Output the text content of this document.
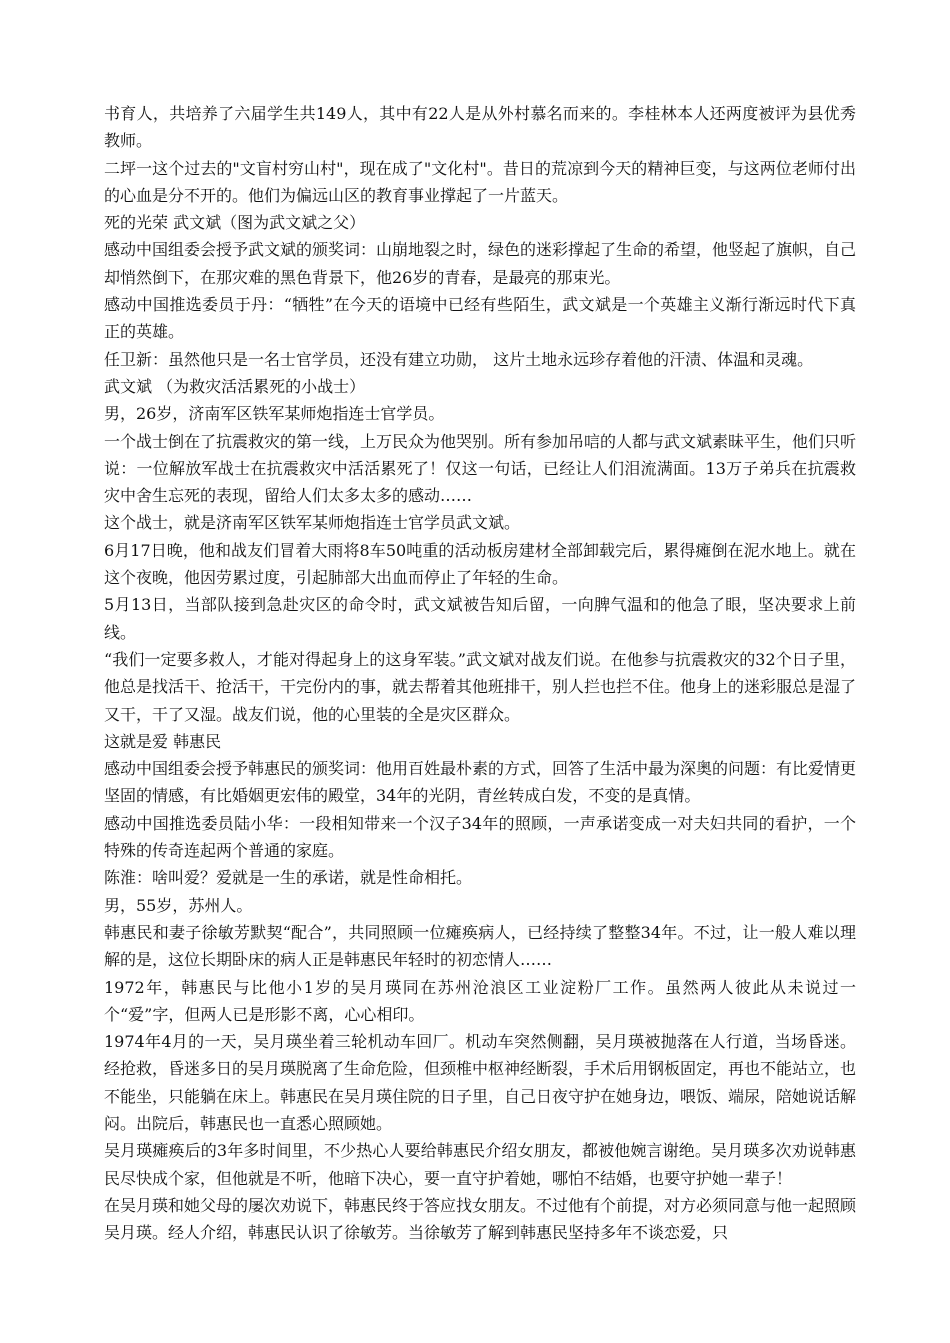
书育人，共培养了六届学生共149人，其中有22人是从外村慕名而来的。李桂林本人还两度被评为县优秀教师。

二坪一这个过去的"文盲村穷山村"，现在成了"文化村"。昔日的荒凉到今天的精神巨变，与这两位老师付出的心血是分不开的。他们为偏远山区的教育事业撑起了一片蓝天。

死的光荣 武文斌（图为武文斌之父）

感动中国组委会授予武文斌的颁奖词：山崩地裂之时，绿色的迷彩撑起了生命的希望，他竖起了旗帜，自己却悄然倒下，在那灾难的黑色背景下，他26岁的青春，是最亮的那束光。

感动中国推选委员于丹：“牺牲”在今天的语境中已经有些陌生，武文斌是一个英雄主义渐行渐远时代下真正的英雄。

任卫新：虽然他只是一名士官学员，还没有建立功勋， 这片土地永远珍存着他的汗渍、体温和灵魂。

武文斌 （为救灾活活累死的小战士）

男，26岁，济南军区铁军某师炮指连士官学员。

一个战士倒在了抗震救灾的第一线，上万民众为他哭别。所有参加吊唁的人都与武文斌素昧平生，他们只听说：一位解放军战士在抗震救灾中活活累死了！仅这一句话，已经让人们泪流满面。13万子弟兵在抗震救灾中舍生忘死的表现，留给人们太多太多的感动……

这个战士，就是济南军区铁军某师炮指连士官学员武文斌。

6月17日晚，他和战友们冒着大雨将8车50吨重的活动板房建材全部卸载完后，累得瘫倒在泥水地上。就在这个夜晚，他因劳累过度，引起肺部大出血而停止了年轻的生命。

5月13日，当部队接到急赴灾区的命令时，武文斌被告知后留，一向脾气温和的他急了眼，坚决要求上前线。

“我们一定要多救人，才能对得起身上的这身军装。”武文斌对战友们说。在他参与抗震救灾的32个日子里，他总是找活干、抢活干，干完份内的事，就去帮着其他班排干，别人拦也拦不住。他身上的迷彩服总是湿了又干，干了又湿。战友们说，他的心里装的全是灾区群众。

这就是爱 韩惠民

感动中国组委会授予韩惠民的颁奖词：他用百姓最朴素的方式，回答了生活中最为深奥的问题：有比爱情更坚固的情感，有比婚姻更宏伟的殿堂，34年的光阴，青丝转成白发，不变的是真情。

感动中国推选委员陆小华：一段相知带来一个汉子34年的照顾，一声承诺变成一对夫妇共同的看护，一个特殊的传奇连起两个普通的家庭。

陈淮：啥叫爱？爱就是一生的承诺，就是性命相托。

男，55岁，苏州人。

韩惠民和妻子徐敏芳默契“配合”，共同照顾一位瘫痪病人，已经持续了整整34年。不过，让一般人难以理解的是，这位长期卧床的病人正是韩惠民年轻时的初恋情人……

1972年，韩惠民与比他小1岁的吴月瑛同在苏州沧浪区工业淀粉厂工作。虽然两人彼此从未说过一个“爱”字，但两人已是形影不离，心心相印。

1974年4月的一天，吴月瑛坐着三轮机动车回厂。机动车突然侧翻，吴月瑛被抛落在人行道，当场昏迷。经抢救，昏迷多日的吴月瑛脱离了生命危险，但颈椎中枢神经断裂，手术后用钢板固定，再也不能站立，也不能坐，只能躺在床上。韩惠民在吴月瑛住院的日子里，自己日夜守护在她身边，喂饭、端尿，陪她说话解闷。出院后，韩惠民也一直悉心照顾她。

吴月瑛瘫痪后的3年多时间里，不少热心人要给韩惠民介绍女朋友，都被他婉言谢绝。吴月瑛多次劝说韩惠民尽快成个家，但他就是不听，他暗下决心，要一直守护着她，哪怕不结婚，也要守护她一辈子！

在吴月瑛和她父母的屡次劝说下，韩惠民终于答应找女朋友。不过他有个前提，对方必须同意与他一起照顾吴月瑛。经人介绍，韩惠民认识了徐敏芳。当徐敏芳了解到韩惠民坚持多年不谈恋爱，只
